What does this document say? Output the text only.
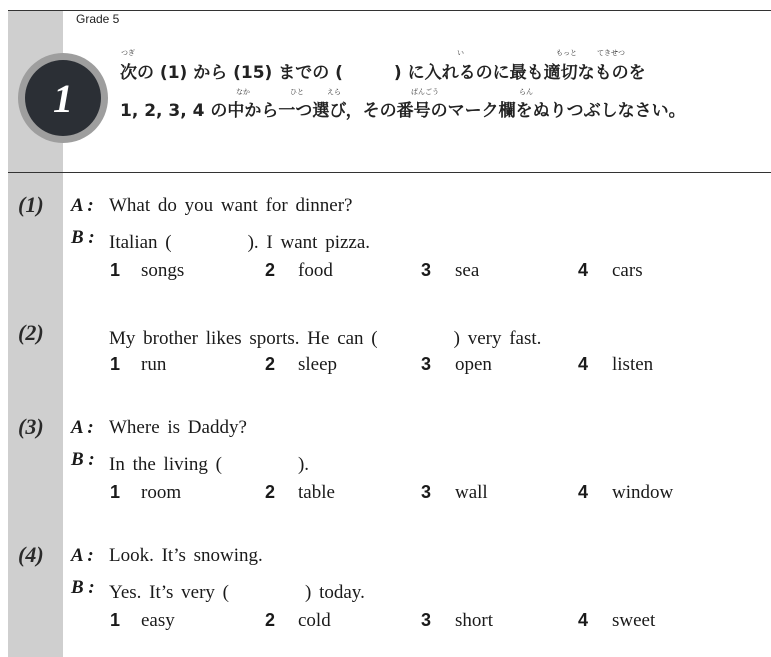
Grade 5
1
つぎ	い	もっと	てきせつ
なか	ひと	えら	ばんごう	らん
次の (1) から (15) までの (　　　) に入れるのに最も適切なものを
1, 2, 3, 4 の中から一つ選び，その番号のマーク欄をぬりつぶしなさい。
(1) A : What do you want for dinner?
B : Italian (　　　　). I want pizza.
1 songs	2 food	3 sea	4 cars
(2)	My brother likes sports. He can (　　　　) very fast.
1 run	2 sleep	3 open	4 listen
(3) A : Where is Daddy?
B : In the living (　　　　).
1 room	2 table	3 wall	4 window
(4) A : Look. It’s snowing.
B : Yes. It’s very (　　　　) today.
1 easy	2 cold	3 short	4 sweet
